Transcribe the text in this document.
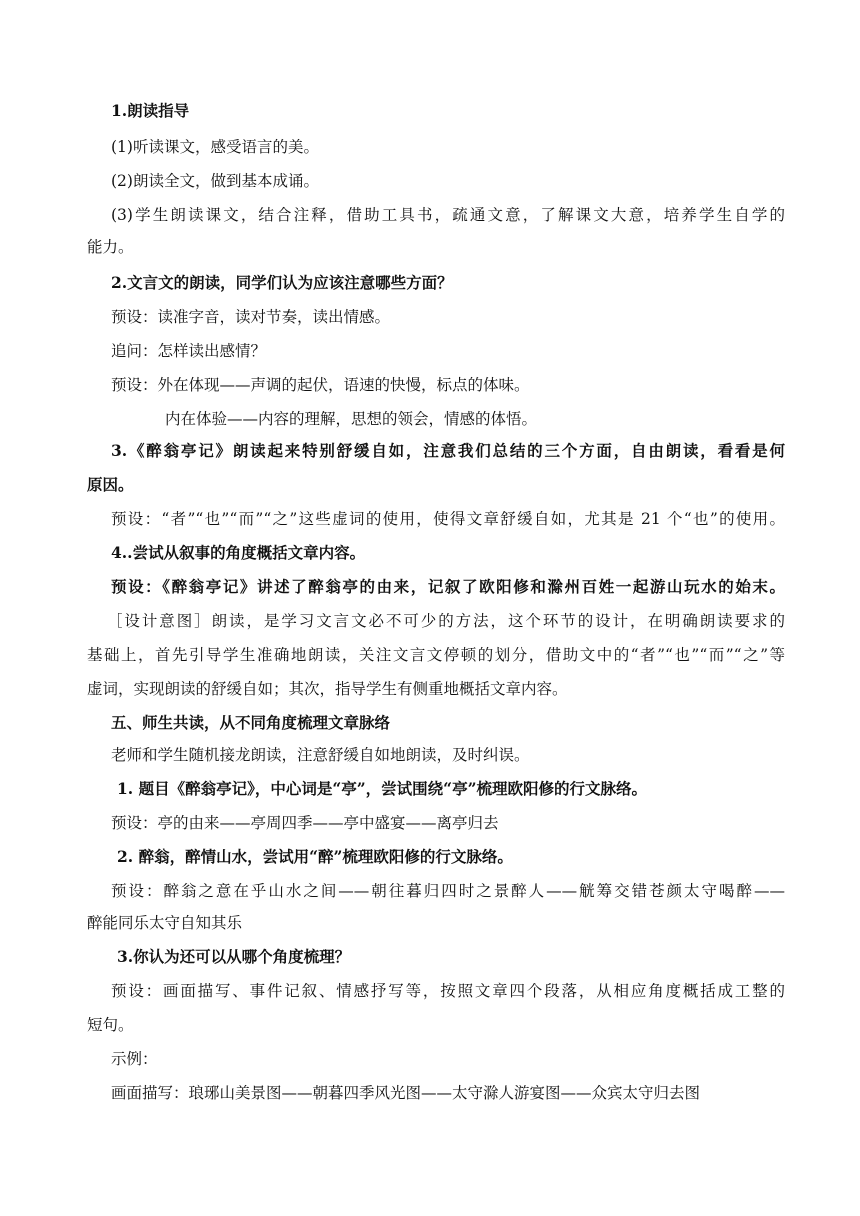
1.朗读指导
(1)听读课文，感受语言的美。
(2)朗读全文，做到基本成诵。
(3)学生朗读课文，结合注释，借助工具书，疏通文意，了解课文大意，培养学生自学的
能力。
2.文言文的朗读，同学们认为应该注意哪些方面？
预设：读准字音，读对节奏，读出情感。
追问：怎样读出感情？
预设：外在体现——声调的起伏，语速的快慢，标点的体味。
内在体验——内容的理解，思想的领会，情感的体悟。
3.《醉翁亭记》朗读起来特别舒缓自如，注意我们总结的三个方面，自由朗读，看看是何
原因。
预设：“者”“也”“而”“之”这些虚词的使用，使得文章舒缓自如，尤其是 21 个“也”的使用。
4..尝试从叙事的角度概括文章内容。
预设：《醉翁亭记》讲述了醉翁亭的由来，记叙了欧阳修和滁州百姓一起游山玩水的始末。
［设计意图］朗读，是学习文言文必不可少的方法，这个环节的设计，在明确朗读要求的
基础上，首先引导学生准确地朗读，关注文言文停顿的划分，借助文中的“者”“也”“而”“之”等
虚词，实现朗读的舒缓自如；其次，指导学生有侧重地概括文章内容。
五、师生共读，从不同角度梳理文章脉络
老师和学生随机接龙朗读，注意舒缓自如地朗读，及时纠误。
1. 题目《醉翁亭记》，中心词是“亭”，尝试围绕“亭”梳理欧阳修的行文脉络。
预设：亭的由来——亭周四季——亭中盛宴——离亭归去
2. 醉翁，醉情山水，尝试用“醉”梳理欧阳修的行文脉络。
预设：醉翁之意在乎山水之间——朝往暮归四时之景醉人——觥筹交错苍颜太守喝醉——
醉能同乐太守自知其乐
3.你认为还可以从哪个角度梳理？
预设：画面描写、事件记叙、情感抒写等，按照文章四个段落，从相应角度概括成工整的
短句。
示例：
画面描写：琅琊山美景图——朝暮四季风光图——太守滁人游宴图——众宾太守归去图
